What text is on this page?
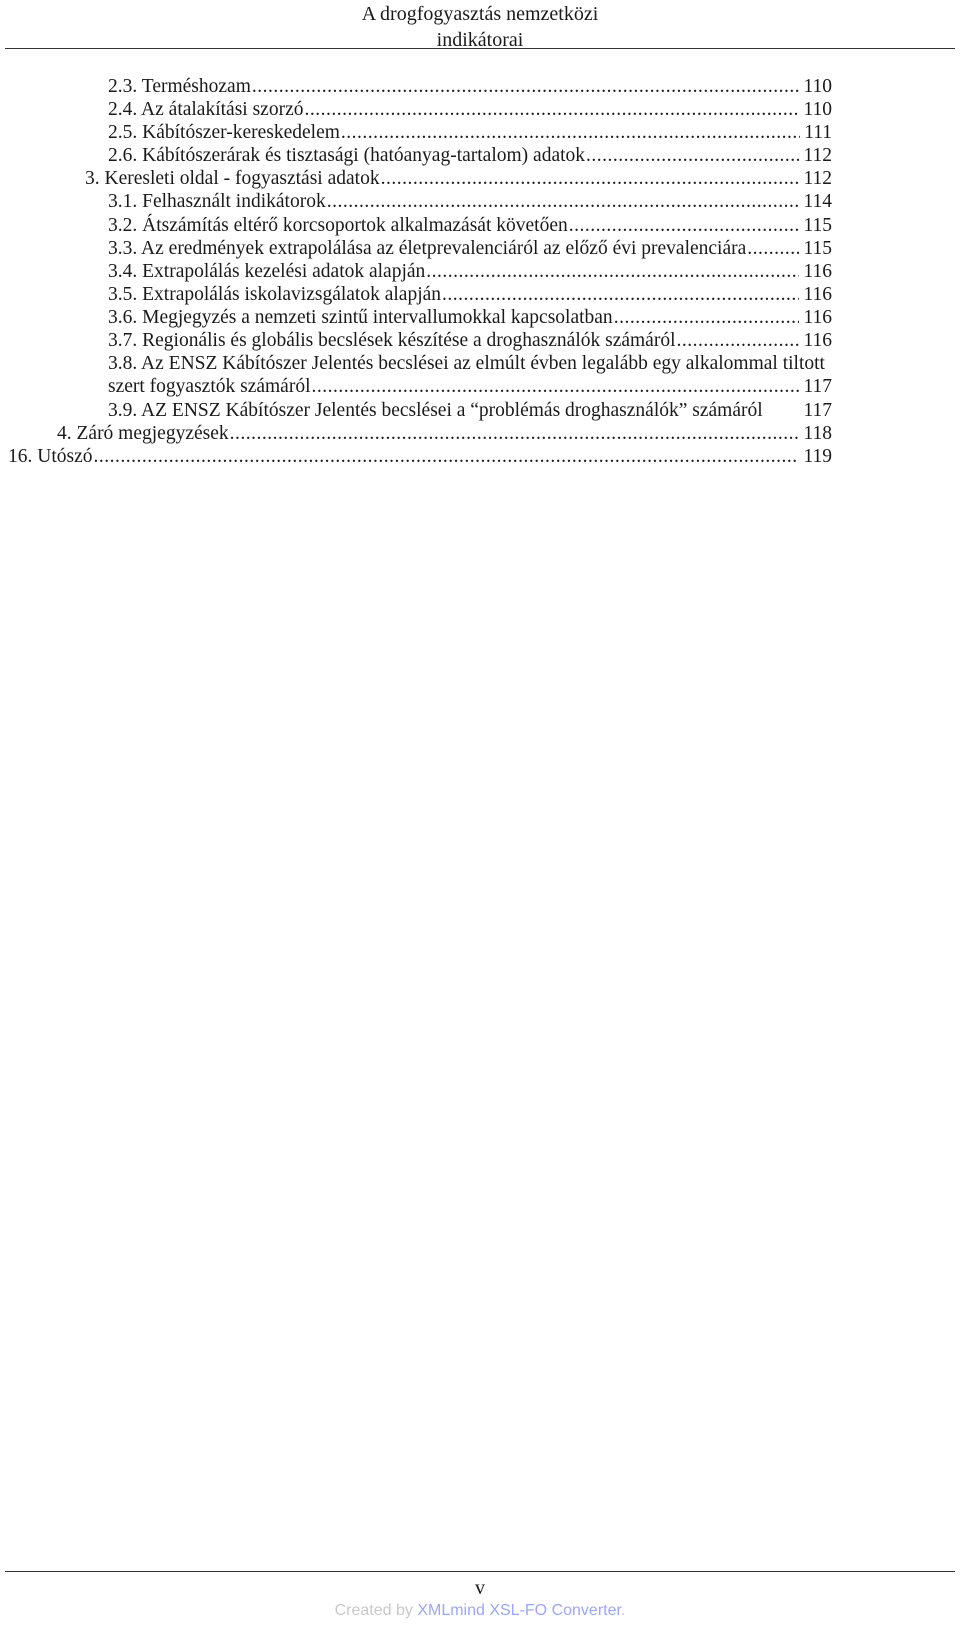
A drogfogyasztás nemzetközi
indikátorai
2.3. Terméshozam .....	110
2.4. Az átalakítási szorzó .....	110
2.5. Kábítószer-kereskedelem .....	111
2.6. Kábítószerárak és tisztasági (hatóanyag-tartalom) adatok .....	112
3. Keresleti oldal - fogyasztási adatok .....	112
3.1. Felhasznált indikátorok .....	114
3.2. Átszámítás eltérő korcsoportok alkalmazását követően .....	115
3.3. Az eredmények extrapolálása az életprevalenciáról az előző évi prevalenciára .....	115
3.4. Extrapolálás kezelési adatok alapján .....	116
3.5. Extrapolálás iskolavizsgálatok alapján .....	116
3.6. Megjegyzés a nemzeti szintű intervallumokkal kapcsolatban .....	116
3.7. Regionális és globális becslések készítése a droghasználók számáról .....	116
3.8. Az ENSZ Kábítószer Jelentés becslései az elmúlt évben legalább egy alkalommal tiltott
szert fogyasztók számáról .....	117
3.9. AZ ENSZ Kábítószer Jelentés becslései a “problémás droghasználók” számáról 117
4. Záró megjegyzések .....	118
16. Utószó .....	119
v
Created by XMLmind XSL-FO Converter.
